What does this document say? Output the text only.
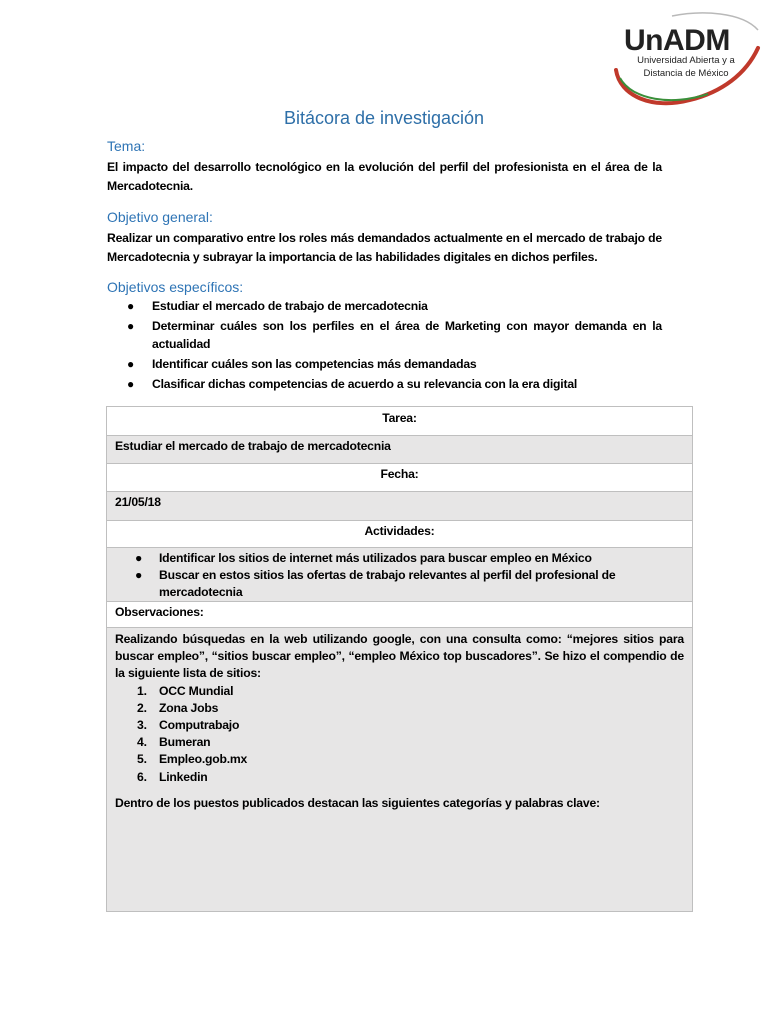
UnADM
Universidad Abierta y a
Distancia de México
Bitácora de investigación
Tema:
El impacto del desarrollo tecnológico en la evolución del perfil del profesionista en el área de la Mercadotecnia.
Objetivo general:
Realizar un comparativo entre los roles más demandados actualmente en el mercado de trabajo de Mercadotecnia y subrayar la importancia de las habilidades digitales en dichos perfiles.
Objetivos específicos:
● Estudiar el mercado de trabajo de mercadotecnia
● Determinar cuáles son los perfiles en el área de Marketing con mayor demanda en la actualidad
● Identificar cuáles son las competencias más demandadas
● Clasificar dichas competencias de acuerdo a su relevancia con la era digital
Tarea:
Estudiar el mercado de trabajo de mercadotecnia
Fecha:
21/05/18
Actividades:

● Identificar los sitios de internet más utilizados para buscar empleo en México
● Buscar en estos sitios las ofertas de trabajo relevantes al perfil del profesional de mercadotecnia

Observaciones:

Realizando búsquedas en la web utilizando google, con una consulta como: “mejores sitios para buscar empleo”, “sitios buscar empleo”, “empleo México top buscadores”. Se hizo el compendio de la siguiente lista de sitios:
1. OCC Mundial
2. Zona Jobs
3. Computrabajo
4. Bumeran
5. Empleo.gob.mx
6. Linkedin
Dentro de los puestos publicados destacan las siguientes categorías y palabras clave:
